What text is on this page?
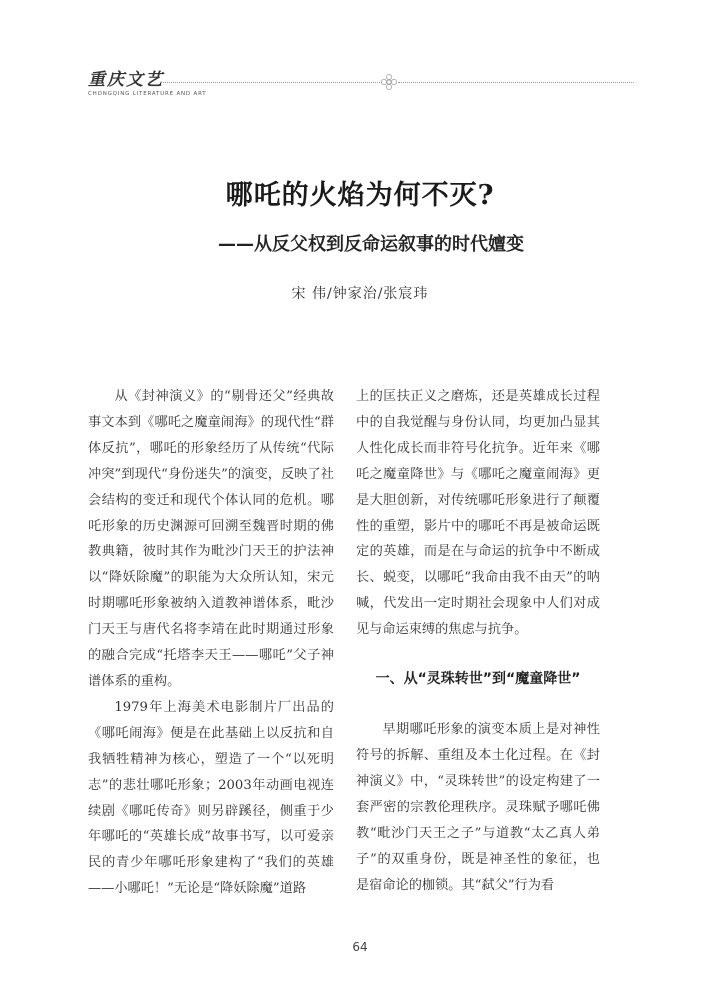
重庆文艺
CHONGQING LITERATURE AND ART
哪吒的火焰为何不灭?
——从反父权到反命运叙事的时代嬗变
宋 伟/钟家治/张宸玮

从《封神演义》的“剔骨还父”经典故事文本到《哪吒之魔童闹海》的现代性“群体反抗”，哪吒的形象经历了从传统“代际冲突”到现代“身份迷失”的演变，反映了社会结构的变迁和现代个体认同的危机。哪吒形象的历史渊源可回溯至魏晋时期的佛教典籍，彼时其作为毗沙门天王的护法神以“降妖除魔”的职能为大众所认知，宋元时期哪吒形象被纳入道教神谱体系，毗沙门天王与唐代名将李靖在此时期通过形象的融合完成“托塔李天王——哪吒”父子神谱体系的重构。

1979年上海美术电影制片厂出品的《哪吒闹海》便是在此基础上以反抗和自我牺牲精神为核心，塑造了一个“以死明志”的悲壮哪吒形象；2003年动画电视连续剧《哪吒传奇》则另辟蹊径，侧重于少年哪吒的“英雄长成”故事书写，以可爱亲民的青少年哪吒形象建构了“我们的英雄——小哪吒！”无论是“降妖除魔”道路

上的匡扶正义之磨炼，还是英雄成长过程中的自我觉醒与身份认同，均更加凸显其人性化成长而非符号化抗争。近年来《哪吒之魔童降世》与《哪吒之魔童闹海》更是大胆创新，对传统哪吒形象进行了颠覆性的重塑，影片中的哪吒不再是被命运既定的英雄，而是在与命运的抗争中不断成长、蜕变，以哪吒“我命由我不由天”的呐喊，代发出一定时期社会现象中人们对成见与命运束缚的焦虑与抗争。

一、从“灵珠转世”到“魔童降世”

早期哪吒形象的演变本质上是对神性符号的拆解、重组及本土化过程。在《封神演义》中，“灵珠转世”的设定构建了一套严密的宗教伦理秩序。灵珠赋予哪吒佛教“毗沙门天王之子”与道教“太乙真人弟子”的双重身份，既是神圣性的象征，也是宿命论的枷锁。其“弑父”行为看

64
